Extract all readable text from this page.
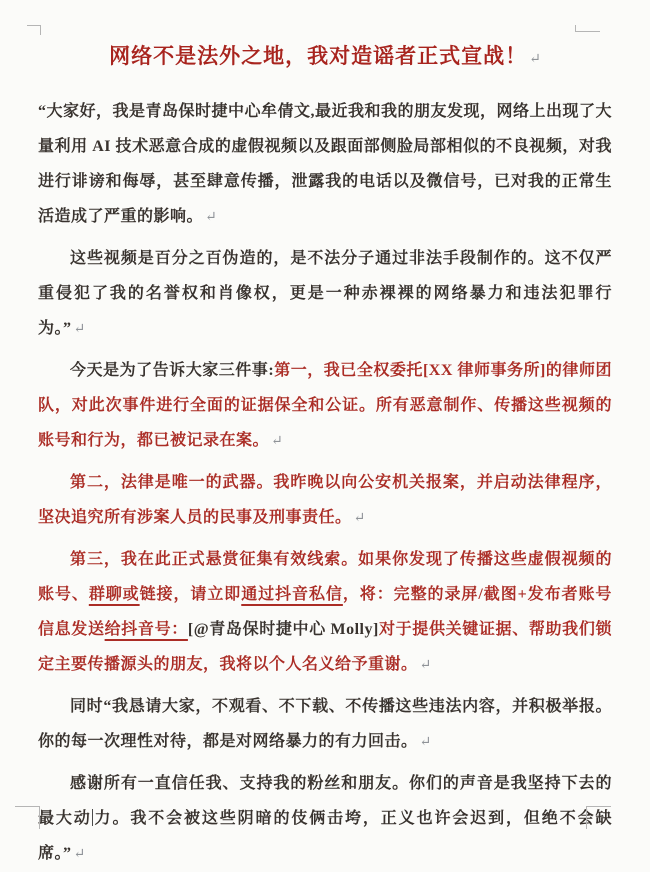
网络不是法外之地，我对造谣者正式宣战！ ↵

“大家好，我是青岛保时捷中心牟倩文,最近我和我的朋友发现，网络上出现了大量利用 AI 技术恶意合成的虚假视频以及跟面部侧脸局部相似的不良视频，对我进行诽谤和侮辱，甚至肆意传播，泄露我的电话以及微信号，已对我的正常生活造成了严重的影响。 ↵

这些视频是百分之百伪造的，是不法分子通过非法手段制作的。这不仅严重侵犯了我的名誉权和肖像权，更是一种赤裸裸的网络暴力和违法犯罪行为。” ↵

今天是为了告诉大家三件事:第一，我已全权委托[XX 律师事务所]的律师团队，对此次事件进行全面的证据保全和公证。所有恶意制作、传播这些视频的账号和行为，都已被记录在案。 ↵

第二，法律是唯一的武器。我昨晚以向公安机关报案，并启动法律程序，坚决追究所有涉案人员的民事及刑事责任。 ↵

第三，我在此正式悬赏征集有效线索。如果你发现了传播这些虚假视频的账号、群聊或链接，请立即通过抖音私信，将：完整的录屏/截图+发布者账号信息发送给抖音号：[@青岛保时捷中心 Molly]对于提供关键证据、帮助我们锁定主要传播源头的朋友，我将以个人名义给予重谢。 ↵

同时“我恳请大家，不观看、不下载、不传播这些违法内容，并积极举报。你的每一次理性对待，都是对网络暴力的有力回击。 ↵

感谢所有一直信任我、支持我的粉丝和朋友。你们的声音是我坚持下去的最大动力。我不会被这些阴暗的伎俩击垮，正义也许会迟到，但绝不会缺席。” ↵
